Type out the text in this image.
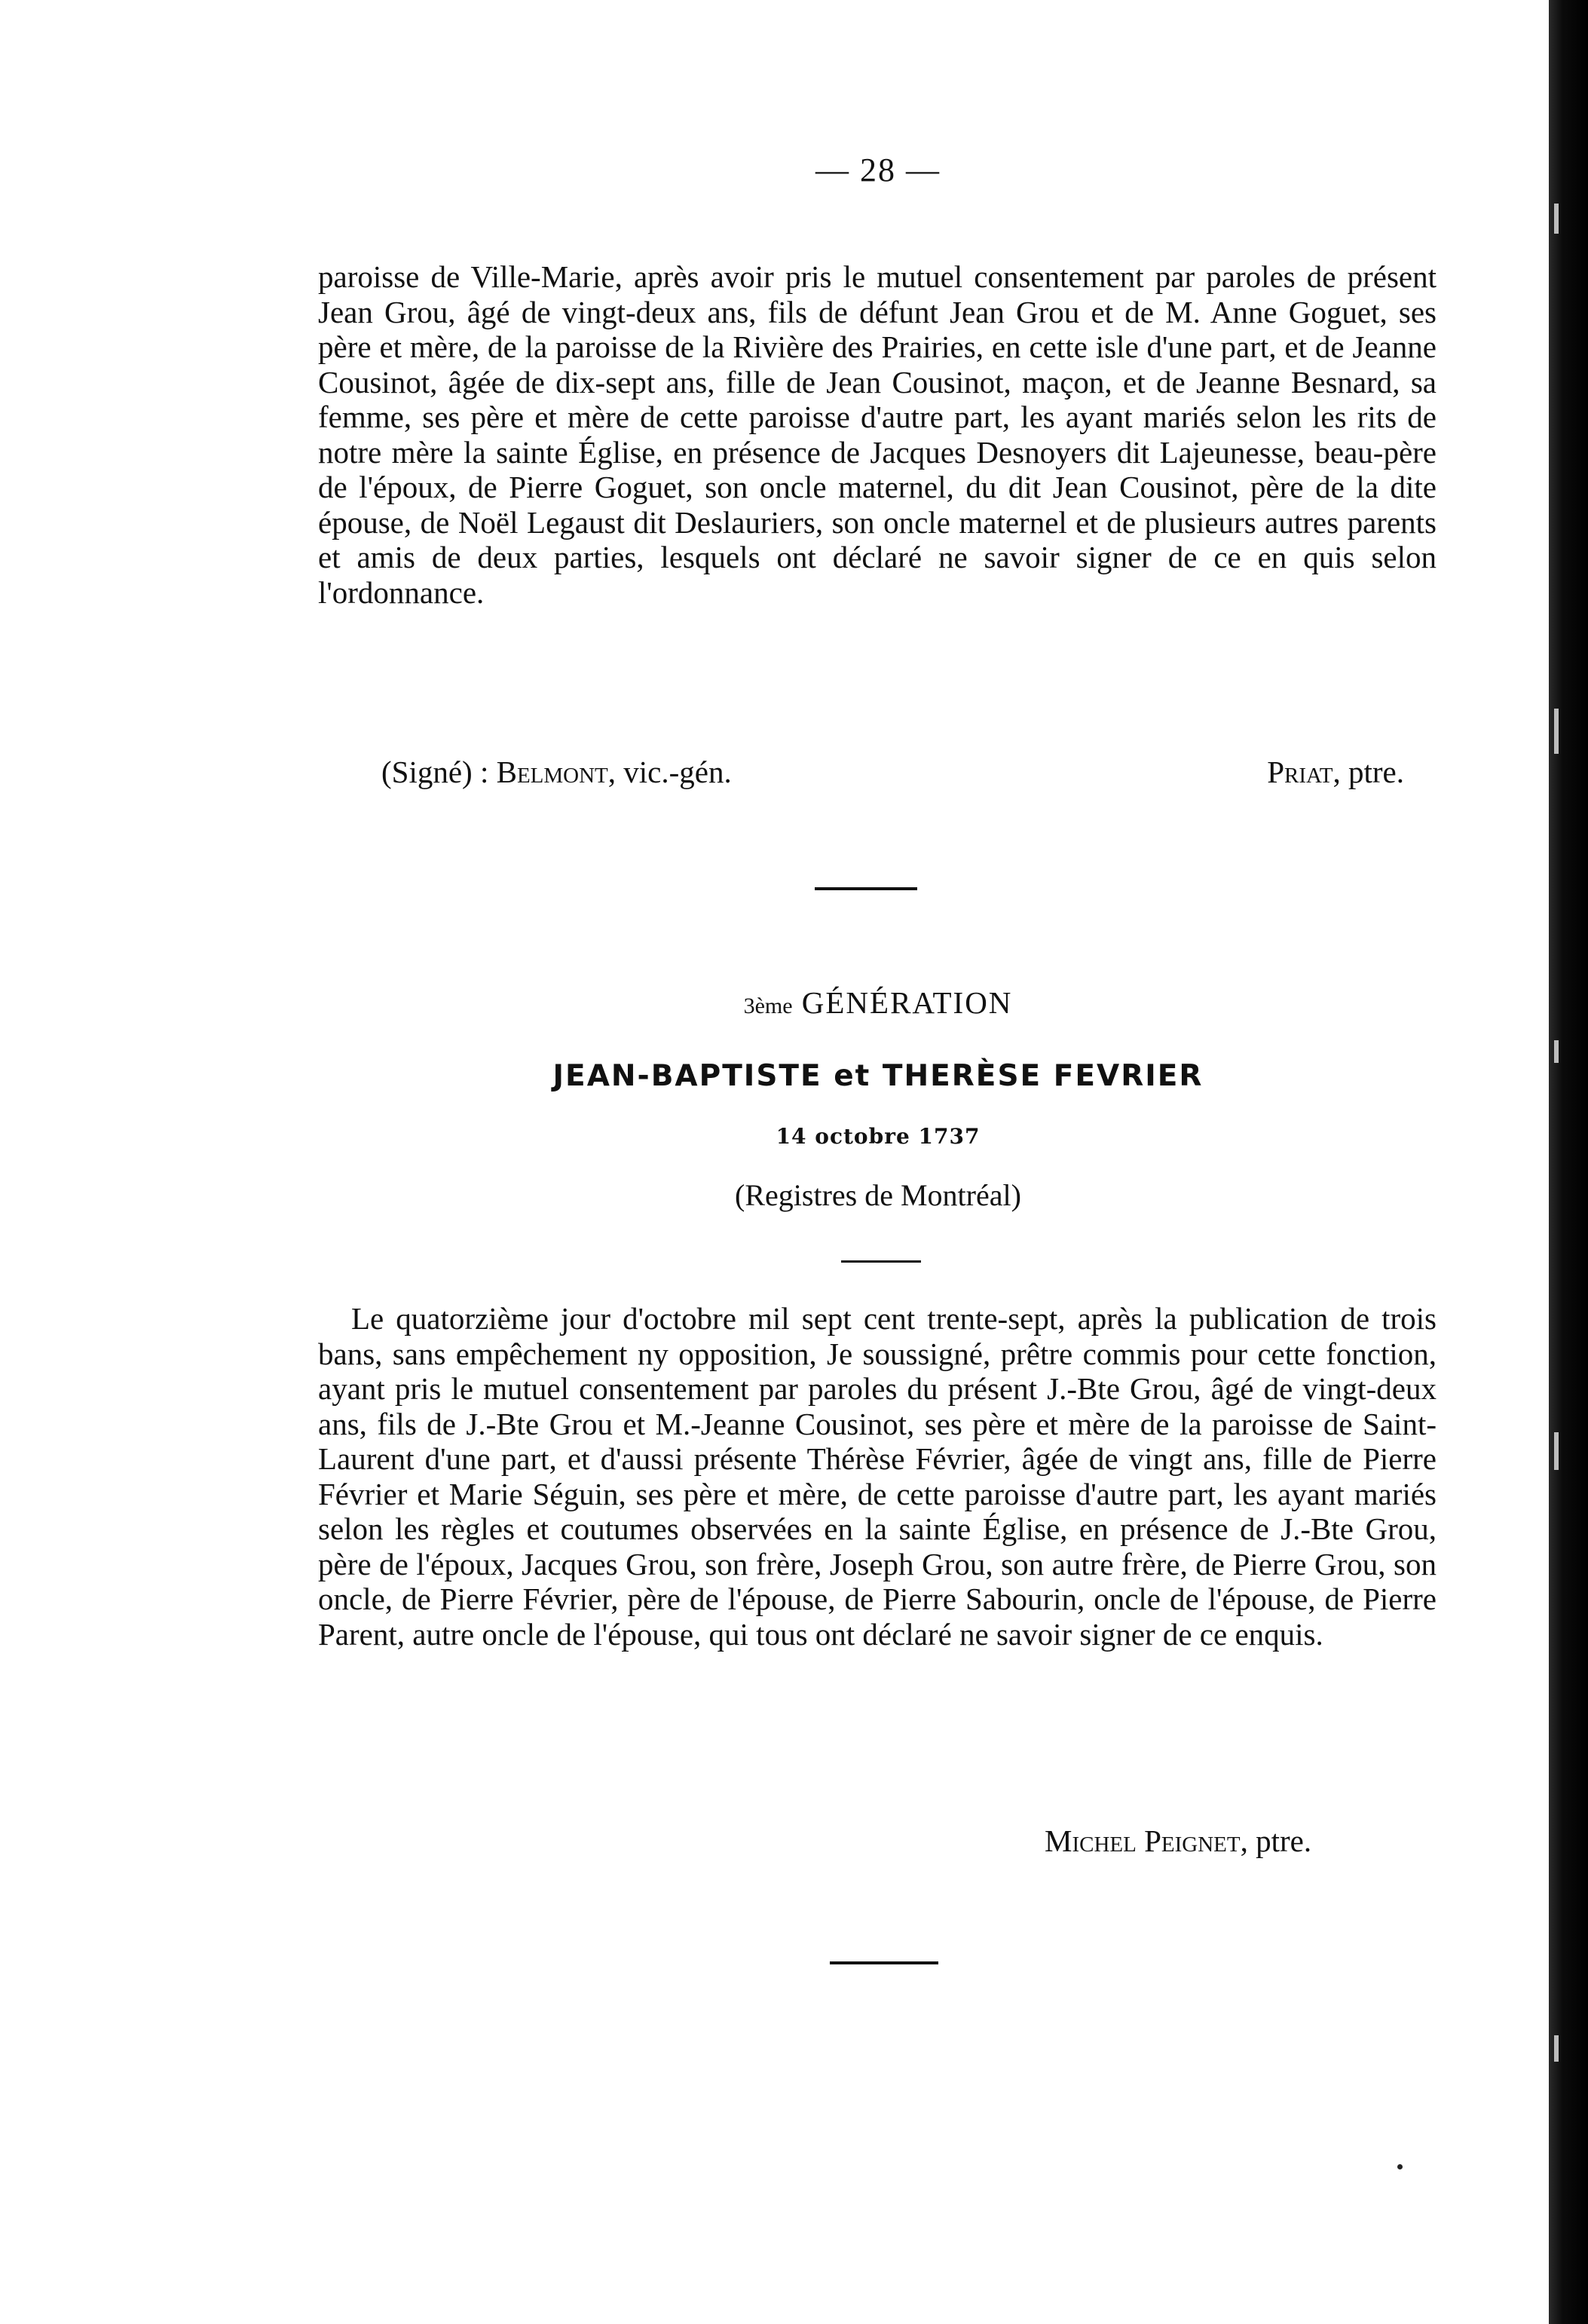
— 28 —

paroisse de Ville-Marie, après avoir pris le mutuel consentement par paroles de présent Jean Grou, âgé de vingt-deux ans, fils de défunt Jean Grou et de M. Anne Goguet, ses père et mère, de la paroisse de la Rivière des Prairies, en cette isle d'une part, et de Jeanne Cousinot, âgée de dix-sept ans, fille de Jean Cousinot, maçon, et de Jeanne Besnard, sa femme, ses père et mère de cette paroisse d'autre part, les ayant mariés selon les rits de notre mère la sainte Église, en présence de Jacques Desnoyers dit Lajeunesse, beau-père de l'époux, de Pierre Goguet, son oncle maternel, du dit Jean Cousinot, père de la dite épouse, de Noël Legaust dit Deslauriers, son oncle maternel et de plusieurs autres parents et amis de deux parties, lesquels ont déclaré ne savoir signer de ce en quis selon l'ordonnance.

(Signé) : Belmont, vic.-gén.	Priat, ptre.
3ème GÉNÉRATION
JEAN-BAPTISTE et THERÈSE FEVRIER
14 octobre 1737
(Registres de Montréal)

Le quatorzième jour d'octobre mil sept cent trente-sept, après la publication de trois bans, sans empêchement ny opposition, Je soussigné, prêtre commis pour cette fonction, ayant pris le mutuel consentement par paroles du présent J.-Bte Grou, âgé de vingt-deux ans, fils de J.-Bte Grou et M.-Jeanne Cousinot, ses père et mère de la paroisse de Saint-Laurent d'une part, et d'aussi présente Thérèse Février, âgée de vingt ans, fille de Pierre Février et Marie Séguin, ses père et mère, de cette paroisse d'autre part, les ayant mariés selon les règles et coutumes observées en la sainte Église, en présence de J.-Bte Grou, père de l'époux, Jacques Grou, son frère, Joseph Grou, son autre frère, de Pierre Grou, son oncle, de Pierre Février, père de l'épouse, de Pierre Sabourin, oncle de l'épouse, de Pierre Parent, autre oncle de l'épouse, qui tous ont déclaré ne savoir signer de ce enquis.

Michel Peignet, ptre.
